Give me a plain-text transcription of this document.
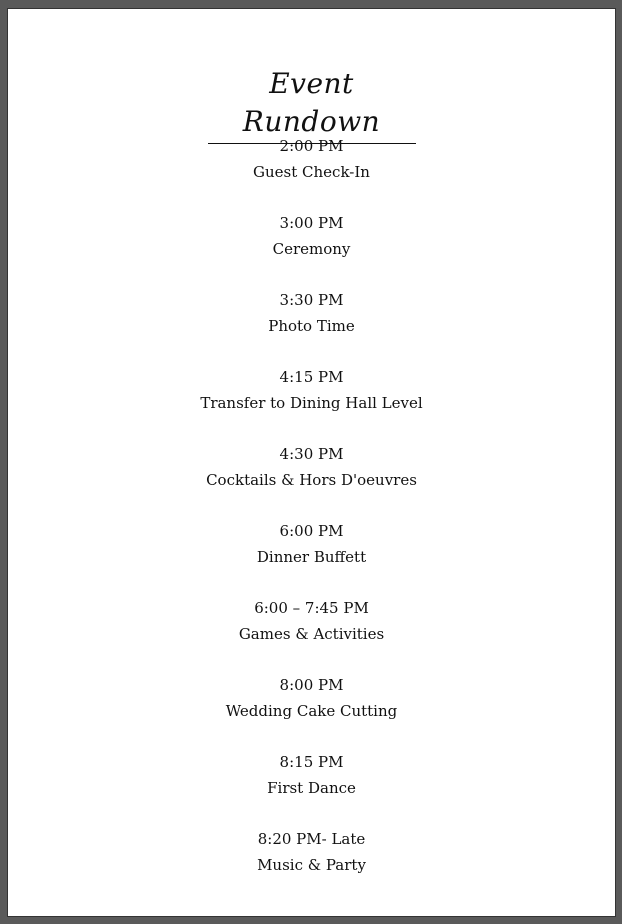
Event Rundown
2:00 PM
Guest Check-In
3:00 PM
Ceremony
3:30 PM
Photo Time
4:15 PM
Transfer to Dining Hall Level
4:30 PM
Cocktails & Hors D'oeuvres
6:00 PM
Dinner Buffett
6:00 – 7:45 PM
Games & Activities
8:00 PM
Wedding Cake Cutting
8:15 PM
First Dance
8:20 PM- Late
Music & Party
